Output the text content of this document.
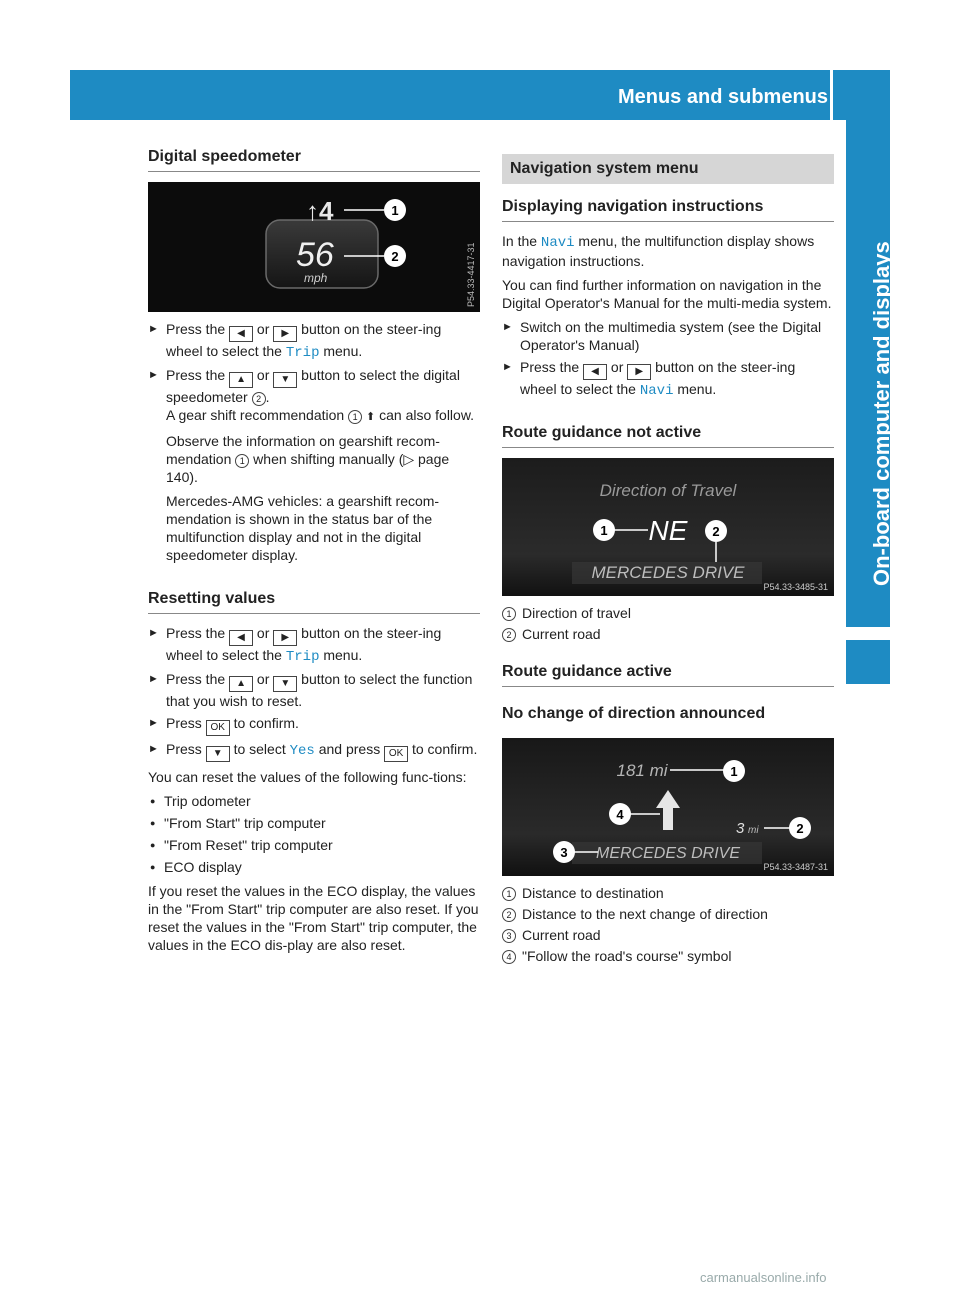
Menus and submenus
On-board computer and displays
Digital speedometer
↑4
56
mph
1
2	P54.33-4417-31
► Press the ◀ or ▶ button on the steer-ing wheel to select the Trip menu.
► Press the ▲ or ▼ button to select the digital speedometer 2 .
A gear shift recommendation 1 ⬆ can also follow.
Observe the information on gearshift recom-mendation 1 when shifting manually (▷ page 140).
Mercedes-AMG vehicles: a gearshift recom-mendation is shown in the status bar of the multifunction display and not in the digital speedometer display.
Resetting values
► Press the ◀ or ▶ button on the steer-ing wheel to select the Trip menu.
► Press the ▲ or ▼ button to select the function that you wish to reset.
► Press OK to confirm.
► Press ▼ to select Yes and press OK to confirm.

You can reset the values of the following func-tions:

● Trip odometer
● "From Start" trip computer
● "From Reset" trip computer
● ECO display

If you reset the values in the ECO display, the values in the "From Start" trip computer are also reset. If you reset the values in the "From Start" trip computer, the values in the ECO dis-play are also reset.

Navigation system menu
Displaying navigation instructions

In the Navi menu, the multifunction display shows navigation instructions.

You can find further information on navigation in the Digital Operator's Manual for the multi-media system.

► Switch on the multimedia system (see the Digital Operator's Manual)
► Press the ◀ or ▶ button on the steer-ing wheel to select the Navi menu.
Route guidance not active
Direction of Travel
NE
MERCEDES DRIVE
1	2
P54.33-3485-31
1 Direction of travel
2 Current road
Route guidance active
No change of direction announced
181 mi	1
4
3 mi	2
MERCEDES DRIVE
3
P54.33-3487-31
1 Distance to destination
2 Distance to the next change of direction
3 Current road
4 "Follow the road's course" symbol
carmanualsonline.info
